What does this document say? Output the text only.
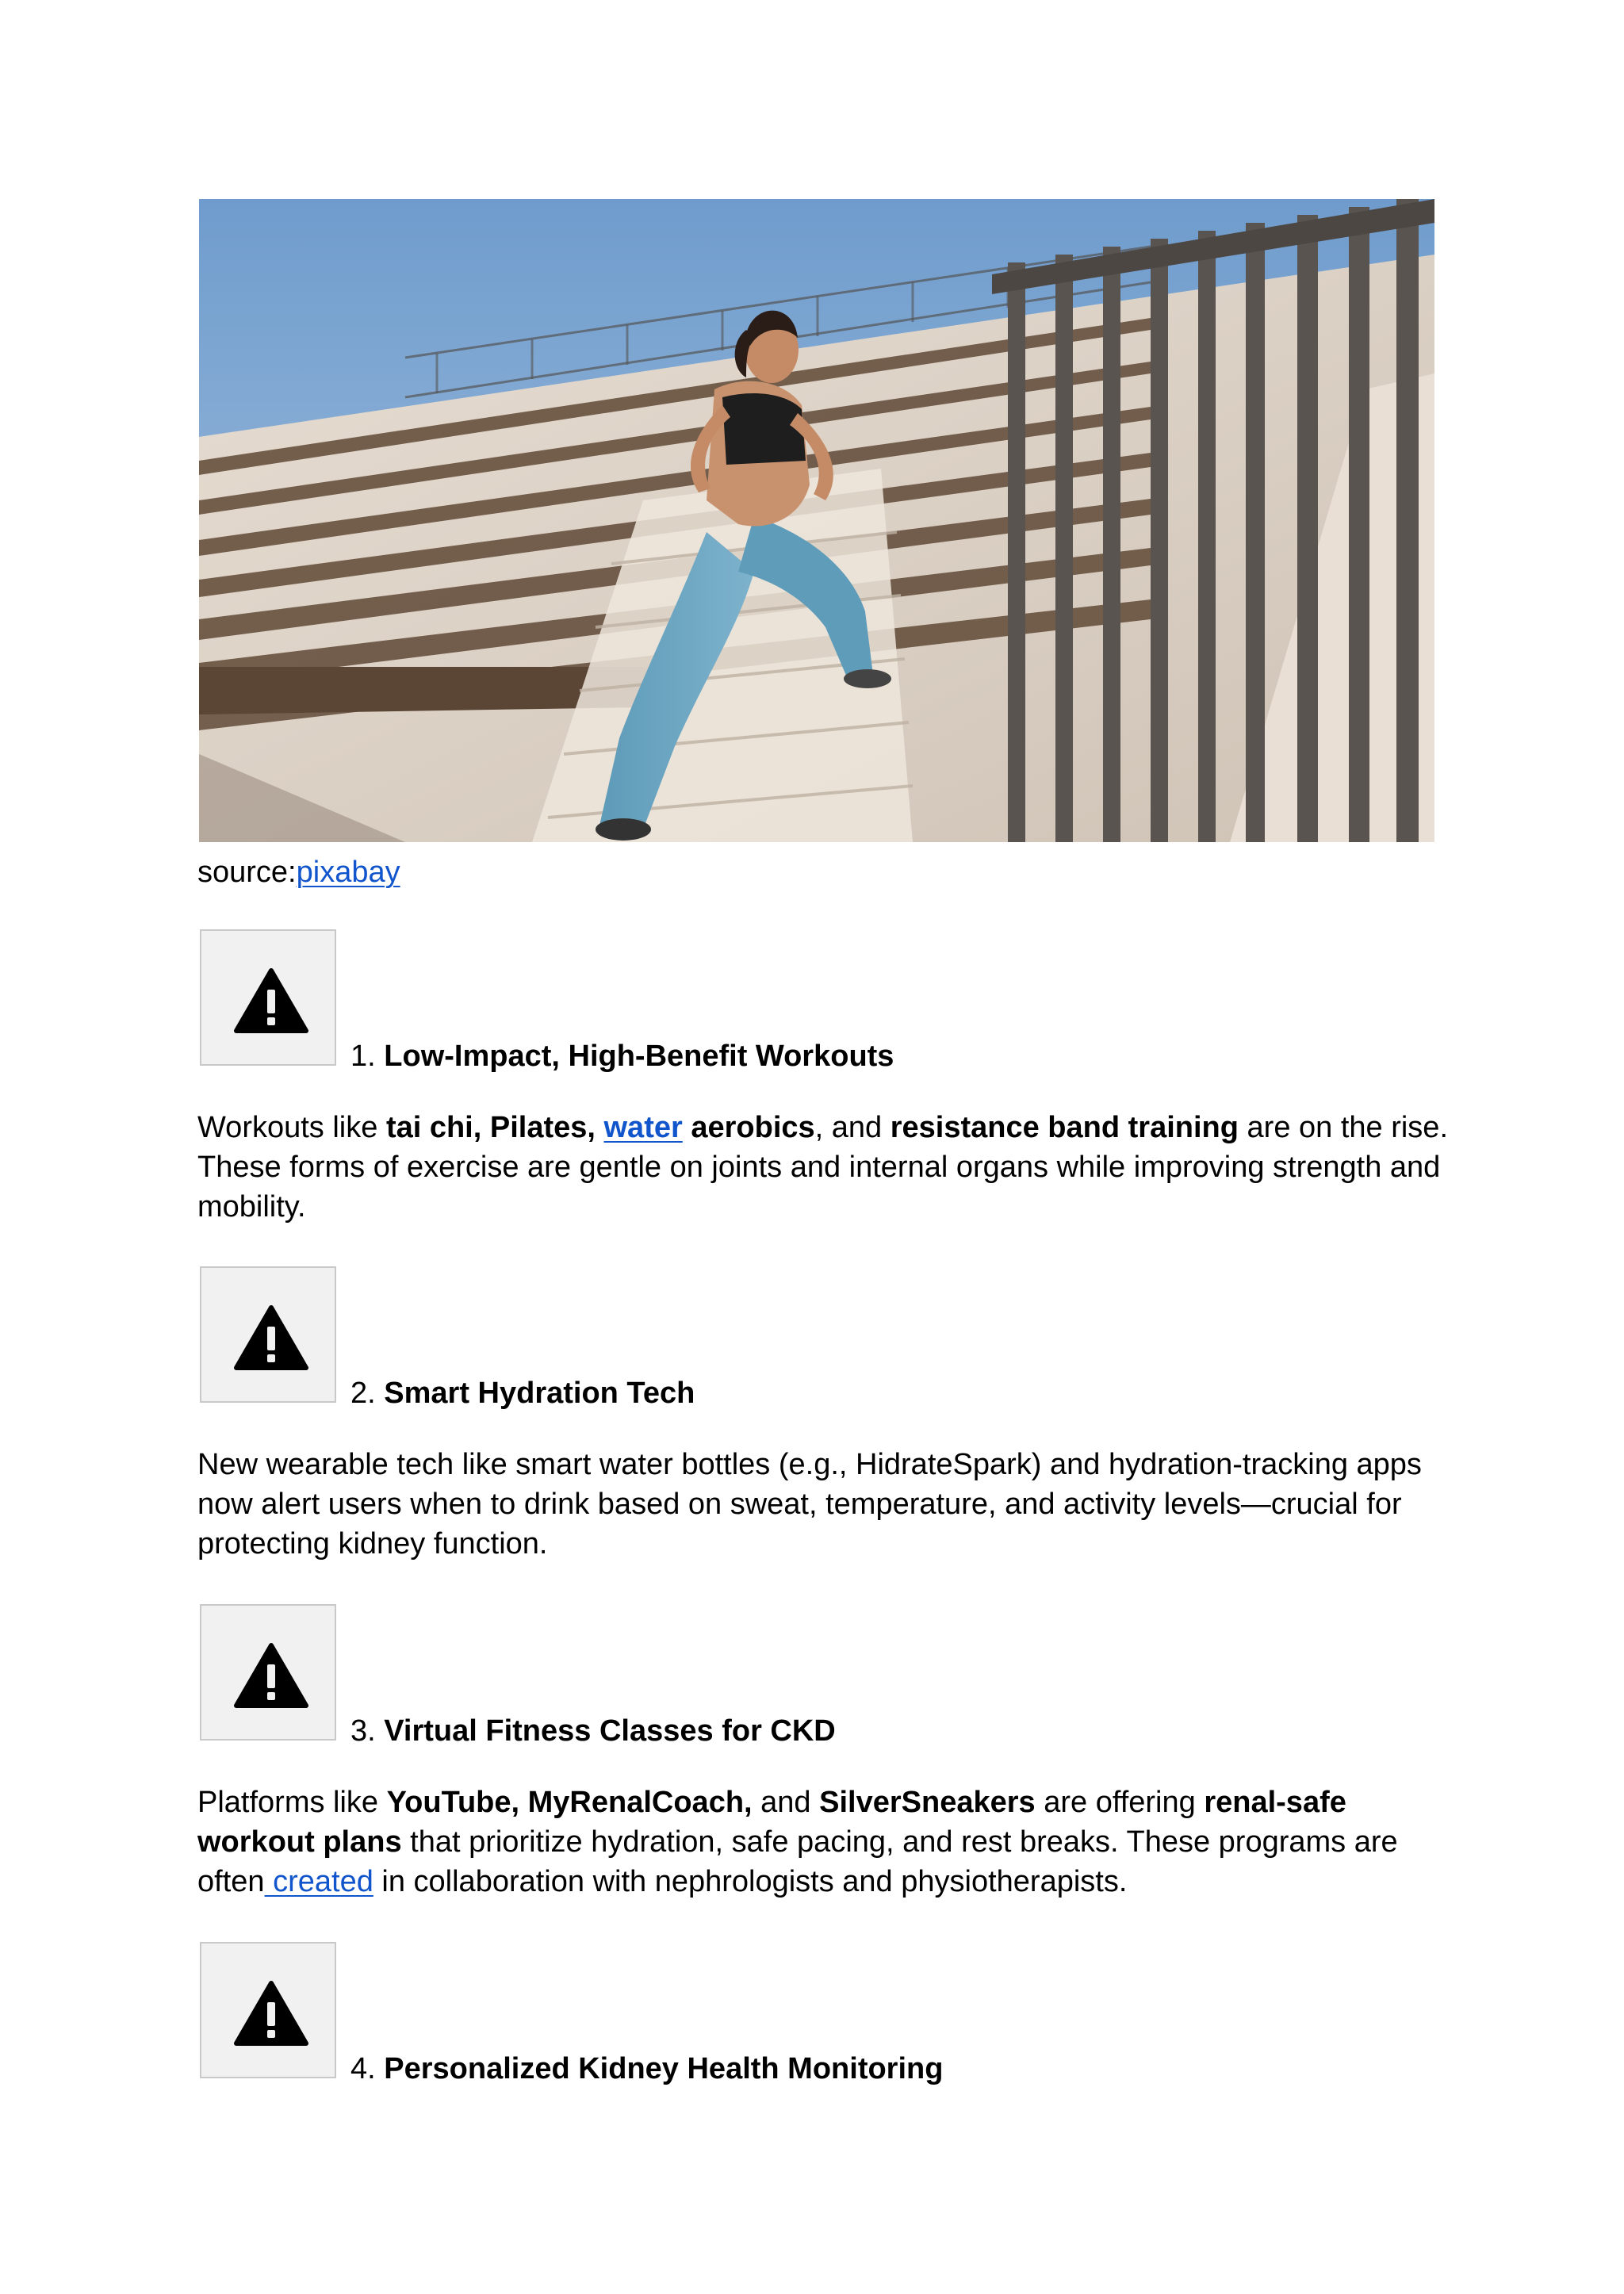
source:pixabay
1. Low-Impact, High-Benefit Workouts
Workouts like tai chi, Pilates, water aerobics, and resistance band training are on the rise. These forms of exercise are gentle on joints and internal organs while improving strength and mobility.
2. Smart Hydration Tech
New wearable tech like smart water bottles (e.g., HidrateSpark) and hydration-tracking apps now alert users when to drink based on sweat, temperature, and activity levels—crucial for protecting kidney function.
3. Virtual Fitness Classes for CKD
Platforms like YouTube, MyRenalCoach, and SilverSneakers are offering renal-safe workout plans that prioritize hydration, safe pacing, and rest breaks. These programs are often created in collaboration with nephrologists and physiotherapists.
4. Personalized Kidney Health Monitoring
